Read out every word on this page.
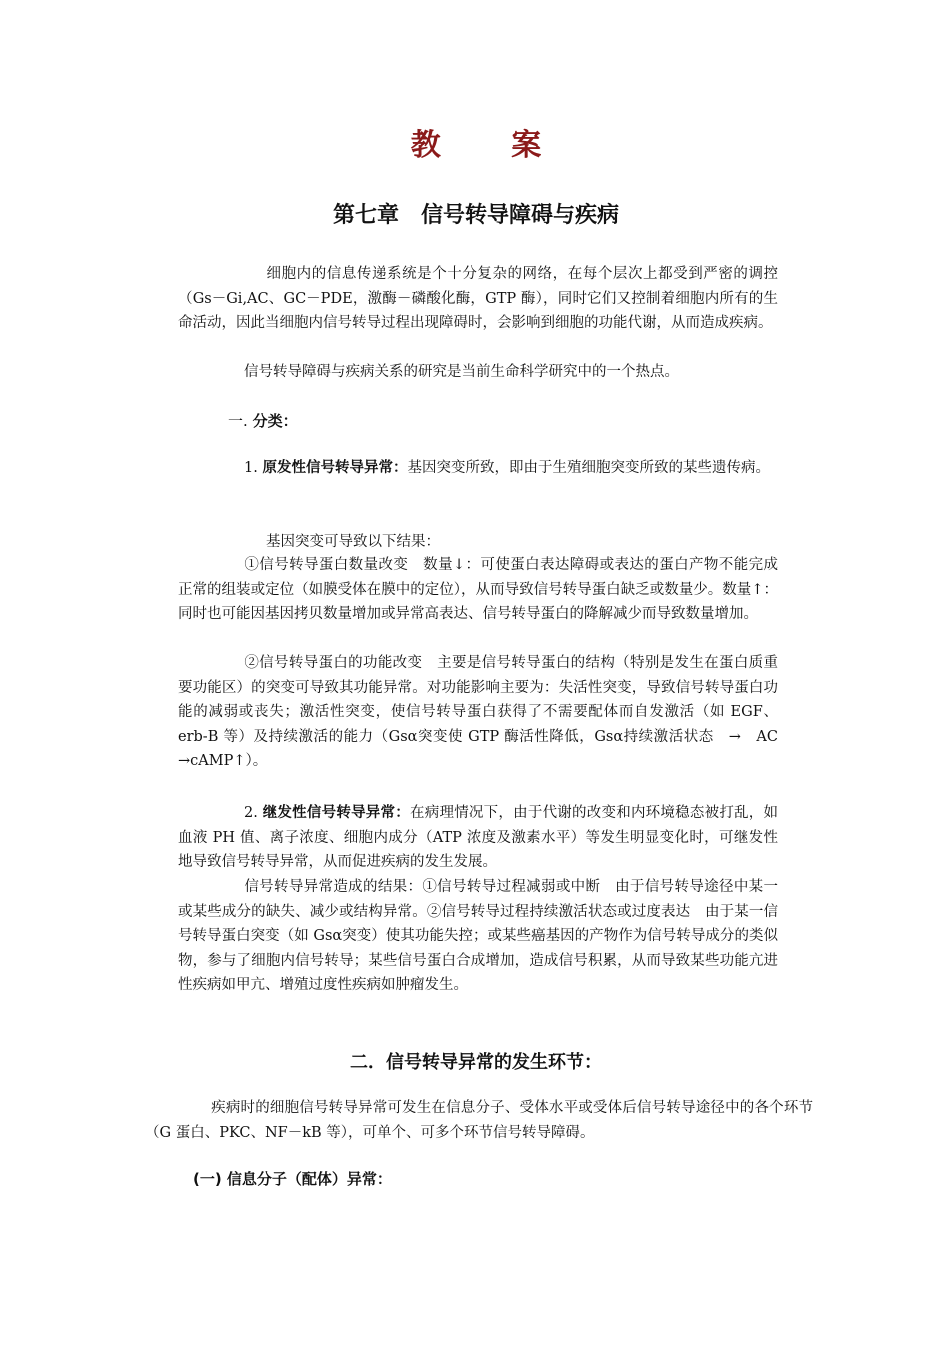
教 案
第七章　信号转导障碍与疾病
细胞内的信息传递系统是个十分复杂的网络，在每个层次上都受到严密的调控（Gs－Gi,AC、GC－PDE，激酶－磷酸化酶，GTP 酶），同时它们又控制着细胞内所有的生命活动，因此当细胞内信号转导过程出现障碍时，会影响到细胞的功能代谢，从而造成疾病。
信号转导障碍与疾病关系的研究是当前生命科学研究中的一个热点。
一. 分类：
1. 原发性信号转导异常：基因突变所致，即由于生殖细胞突变所致的某些遗传病。
基因突变可导致以下结果：
①信号转导蛋白数量改变　数量↓：可使蛋白表达障碍或表达的蛋白产物不能完成正常的组装或定位（如膜受体在膜中的定位），从而导致信号转导蛋白缺乏或数量少。数量↑：同时也可能因基因拷贝数量增加或异常高表达、信号转导蛋白的降解减少而导致数量增加。
②信号转导蛋白的功能改变　主要是信号转导蛋白的结构（特别是发生在蛋白质重要功能区）的突变可导致其功能异常。对功能影响主要为：失活性突变，导致信号转导蛋白功能的减弱或丧失；激活性突变，使信号转导蛋白获得了不需要配体而自发激活（如 EGF、erb-B 等）及持续激活的能力（Gsα突变使 GTP 酶活性降低，Gsα持续激活状态　→　AC　→cAMP↑）。
2. 继发性信号转导异常：在病理情况下，由于代谢的改变和内环境稳态被打乱，如血液 PH 值、离子浓度、细胞内成分（ATP 浓度及激素水平）等发生明显变化时，可继发性地导致信号转导异常，从而促进疾病的发生发展。
信号转导异常造成的结果：①信号转导过程减弱或中断　由于信号转导途径中某一或某些成分的缺失、减少或结构异常。②信号转导过程持续激活状态或过度表达　由于某一信号转导蛋白突变（如 Gsα突变）使其功能失控；或某些癌基因的产物作为信号转导成分的类似物，参与了细胞内信号转导；某些信号蛋白合成增加，造成信号积累，从而导致某些功能亢进性疾病如甲亢、增殖过度性疾病如肿瘤发生。
二．信号转导异常的发生环节：
疾病时的细胞信号转导异常可发生在信息分子、受体水平或受体后信号转导途径中的各个环节（G 蛋白、PKC、NF－kB 等），可单个、可多个环节信号转导障碍。
(一) 信息分子（配体）异常：
